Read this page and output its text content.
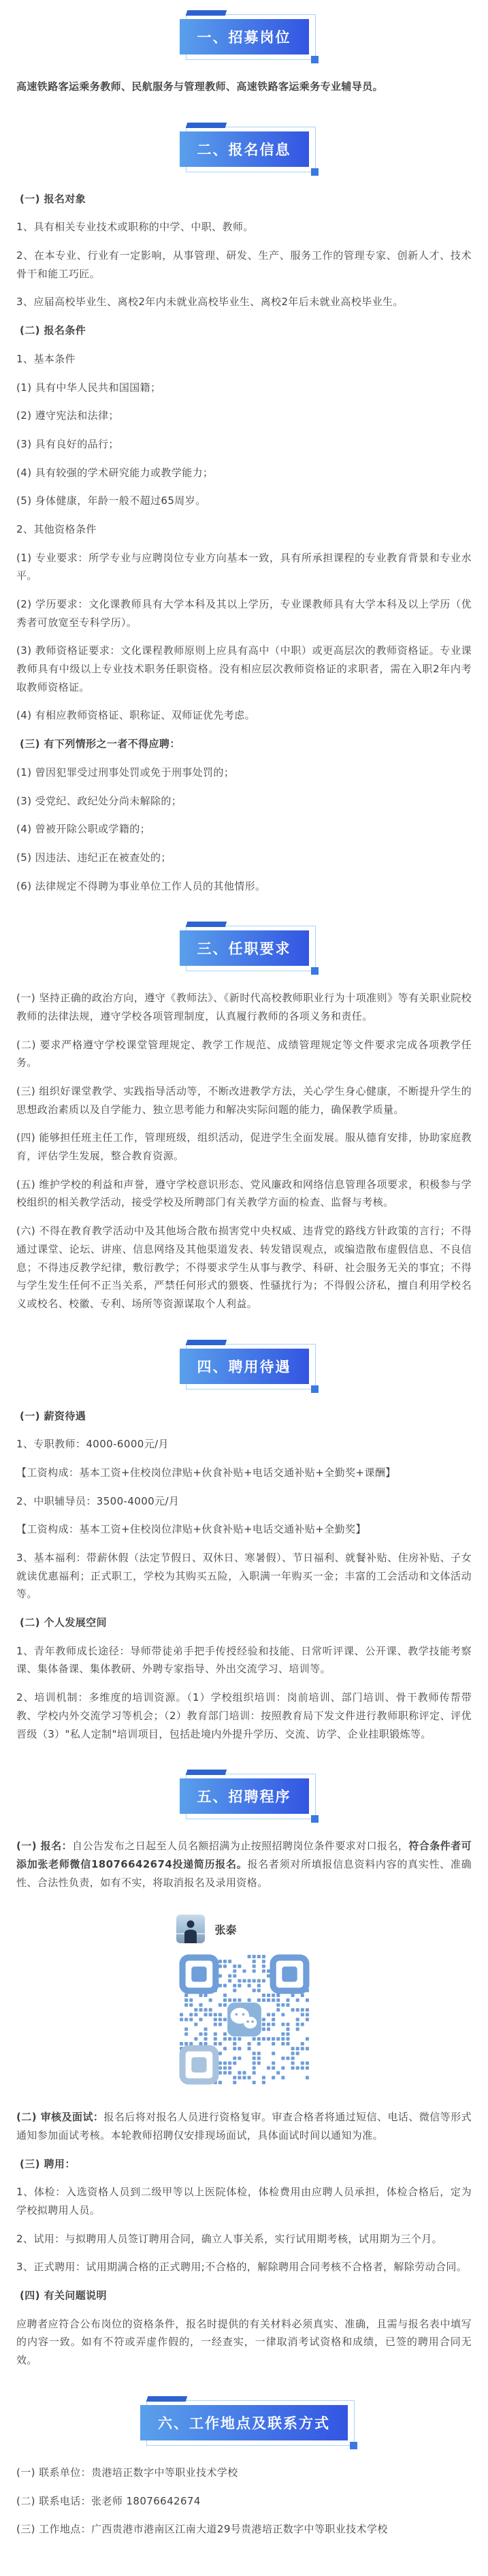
一、招募岗位
高速铁路客运乘务教师、民航服务与管理教师、高速铁路客运乘务专业辅导员。
二、报名信息
(一) 报名对象
1、具有相关专业技术或职称的中学、中职、教师。
2、在本专业、行业有一定影响，从事管理、研发、生产、服务工作的管理专家、创新人才、技术骨干和能工巧匠。
3、应届高校毕业生、离校2年内未就业高校毕业生、离校2年后未就业高校毕业生。
(二) 报名条件
1、基本条件
(1) 具有中华人民共和国国籍；
(2) 遵守宪法和法律；
(3) 具有良好的品行；
(4) 具有较强的学术研究能力或教学能力；
(5) 身体健康，年龄一般不超过65周岁。
2、其他资格条件
(1) 专业要求：所学专业与应聘岗位专业方向基本一致，具有所承担课程的专业教育背景和专业水平。
(2) 学历要求：文化课教师具有大学本科及其以上学历，专业课教师具有大学本科及以上学历（优秀者可放宽至专科学历）。
(3) 教师资格证要求：文化课程教师原则上应具有高中（中职）或更高层次的教师资格证。专业课教师具有中级以上专业技术职务任职资格。没有相应层次教师资格证的求职者，需在入职2年内考取教师资格证。
(4) 有相应教师资格证、职称证、双师证优先考虑。
(三) 有下列情形之一者不得应聘：
(1) 曾因犯罪受过刑事处罚或免于刑事处罚的；
(3) 受党纪、政纪处分尚未解除的；
(4) 曾被开除公职或学籍的；
(5) 因违法、违纪正在被查处的；
(6) 法律规定不得聘为事业单位工作人员的其他情形。
三、任职要求
(一) 坚持正确的政治方向，遵守《教师法》、《新时代高校教师职业行为十项准则》等有关职业院校教师的法律法规，遵守学校各项管理制度，认真履行教师的各项义务和责任。
(二) 要求严格遵守学校课堂管理规定、教学工作规范、成绩管理规定等文件要求完成各项教学任务。
(三) 组织好课堂教学、实践指导活动等，不断改进教学方法，关心学生身心健康，不断提升学生的思想政治素质以及自学能力、独立思考能力和解决实际问题的能力，确保教学质量。
(四) 能够担任班主任工作，管理班级，组织活动，促进学生全面发展。服从德育安排，协助家庭教育，评估学生发展，整合教育资源。
(五) 维护学校的利益和声誉，遵守学校意识形态、党风廉政和网络信息管理各项要求，积极参与学校组织的相关教学活动，接受学校及所聘部门有关教学方面的检查、监督与考核。
(六) 不得在教育教学活动中及其他场合散布损害党中央权威、违背党的路线方针政策的言行；不得通过课堂、论坛、讲座、信息网络及其他渠道发表、转发错误观点，或编造散布虚假信息、不良信息；不得违反教学纪律，敷衍教学；不得要求学生从事与教学、科研、社会服务无关的事宜；不得与学生发生任何不正当关系，严禁任何形式的猥亵、性骚扰行为；不得假公济私，擅自利用学校名义或校名、校徽、专利、场所等资源谋取个人利益。
四、聘用待遇
(一) 薪资待遇
1、专职教师：4000-6000元/月
【工资构成：基本工资+住校岗位津贴+伙食补贴+电话交通补贴+全勤奖+课酬】
2、中职辅导员：3500-4000元/月
【工资构成：基本工资+住校岗位津贴+伙食补贴+电话交通补贴+全勤奖】
3、基本福利：带薪休假（法定节假日、双休日、寒暑假）、节日福利、就餐补贴、住房补贴、子女就读优惠福利；正式职工，学校为其购买五险，入职满一年购买一金；丰富的工会活动和文体活动等。
(二) 个人发展空间
1、青年教师成长途径：导师带徒弟手把手传授经验和技能、日常听评课、公开课、教学技能考察课、集体备课、集体教研、外聘专家指导、外出交流学习、培训等。
2、培训机制：多维度的培训资源。（1）学校组织培训：岗前培训、部门培训、骨干教师传帮带教、学校内外交流学习等机会；（2）教育部门培训：按照教育局下发文件进行教师职称评定、评优晋级（3）"私人定制"培训项目，包括赴境内外提升学历、交流、访学、企业挂职锻炼等。
五、招聘程序
(一) 报名：自公告发布之日起至人员名额招满为止按照招聘岗位条件要求对口报名，符合条件者可添加张老师微信18076642674投递简历报名。报名者须对所填报信息资料内容的真实性、准确性、合法性负责，如有不实，将取消报名及录用资格。
张泰
(二) 审核及面试：报名后将对报名人员进行资格复审。审查合格者将通过短信、电话、微信等形式通知参加面试考核。本轮教师招聘仅安排现场面试，具体面试时间以通知为准。
(三) 聘用：
1、体检：入选资格人员到二级甲等以上医院体检，体检费用由应聘人员承担，体检合格后，定为学校拟聘用人员。
2、试用：与拟聘用人员签订聘用合同，确立人事关系，实行试用期考核，试用期为三个月。
3、正式聘用：试用期满合格的正式聘用;不合格的，解除聘用合同考核不合格者，解除劳动合同。
(四) 有关问题说明
应聘者应符合公布岗位的资格条件，报名时提供的有关材料必须真实、准确，且需与报名表中填写的内容一致。如有不符或弄虚作假的，一经查实，一律取消考试资格和成绩，已签的聘用合同无效。
六、工作地点及联系方式
(一) 联系单位：贵港培正数字中等职业技术学校
(二) 联系电话：张老师 18076642674
(三) 工作地点：广西贵港市港南区江南大道29号贵港培正数字中等职业技术学校
